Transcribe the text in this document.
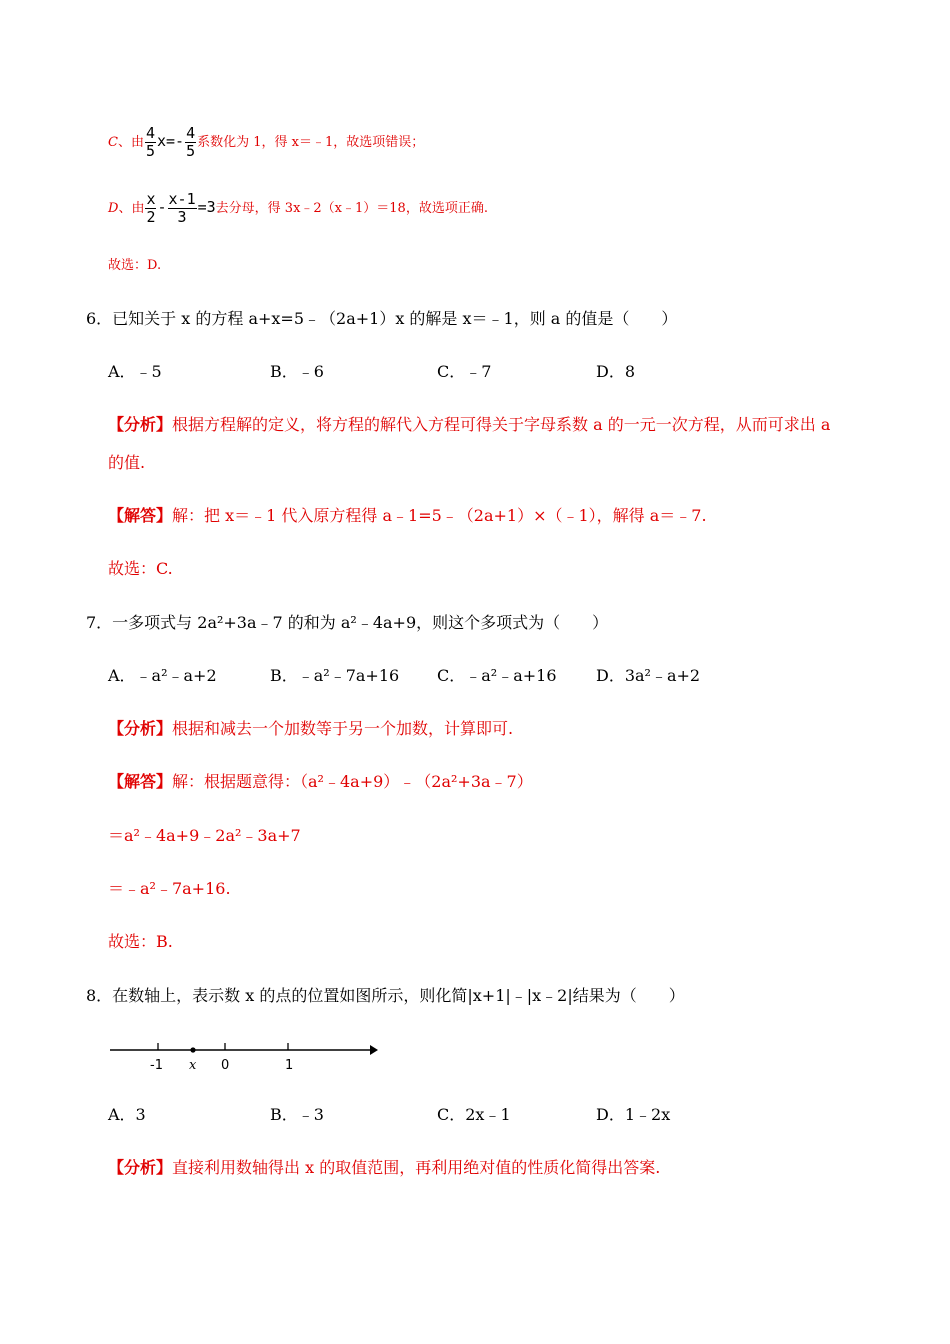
C、由 $\frac{4}{5} x=- \frac{4}{5}$ 系数化为 1，得 x＝﹣1，故选项错误；
D、由 $\frac{x}{2} - \frac{x-1}{3} =3$去分母，得 3x﹣2（x﹣1）＝18，故选项正确.
故选：D.
6．已知关于 x 的方程 a+x=5﹣（2a+1）x 的解是 x＝﹣1，则 a 的值是（　　）
A．﹣5	B．﹣6	C．﹣7	D．8
【分析】根据方程解的定义，将方程的解代入方程可得关于字母系数 a 的一元一次方程，从而可求出 a
的值.
【解答】解：把 x＝﹣1 代入原方程得 a﹣1=5﹣（2a+1）×（﹣1），解得 a＝﹣7.
故选：C.
7．一多项式与 2a²+3a﹣7 的和为 a²﹣4a+9，则这个多项式为（　　）
A．﹣a²﹣a+2	B．﹣a²﹣7a+16 C．﹣a²﹣a+16 D．3a²﹣a+2
【分析】根据和减去一个加数等于另一个加数，计算即可.
【解答】解：根据题意得：（a²﹣4a+9）﹣（2a²+3a﹣7）
＝a²﹣4a+9﹣2a²﹣3a+7
＝﹣a²﹣7a+16.
故选：B.
8．在数轴上，表示数 x 的点的位置如图所示，则化简|x+1|﹣|x﹣2|结果为（　　）
-1 x 0	1
A．3	B．﹣3	C．2x﹣1	D．1﹣2x
【分析】直接利用数轴得出 x 的取值范围，再利用绝对值的性质化简得出答案.
